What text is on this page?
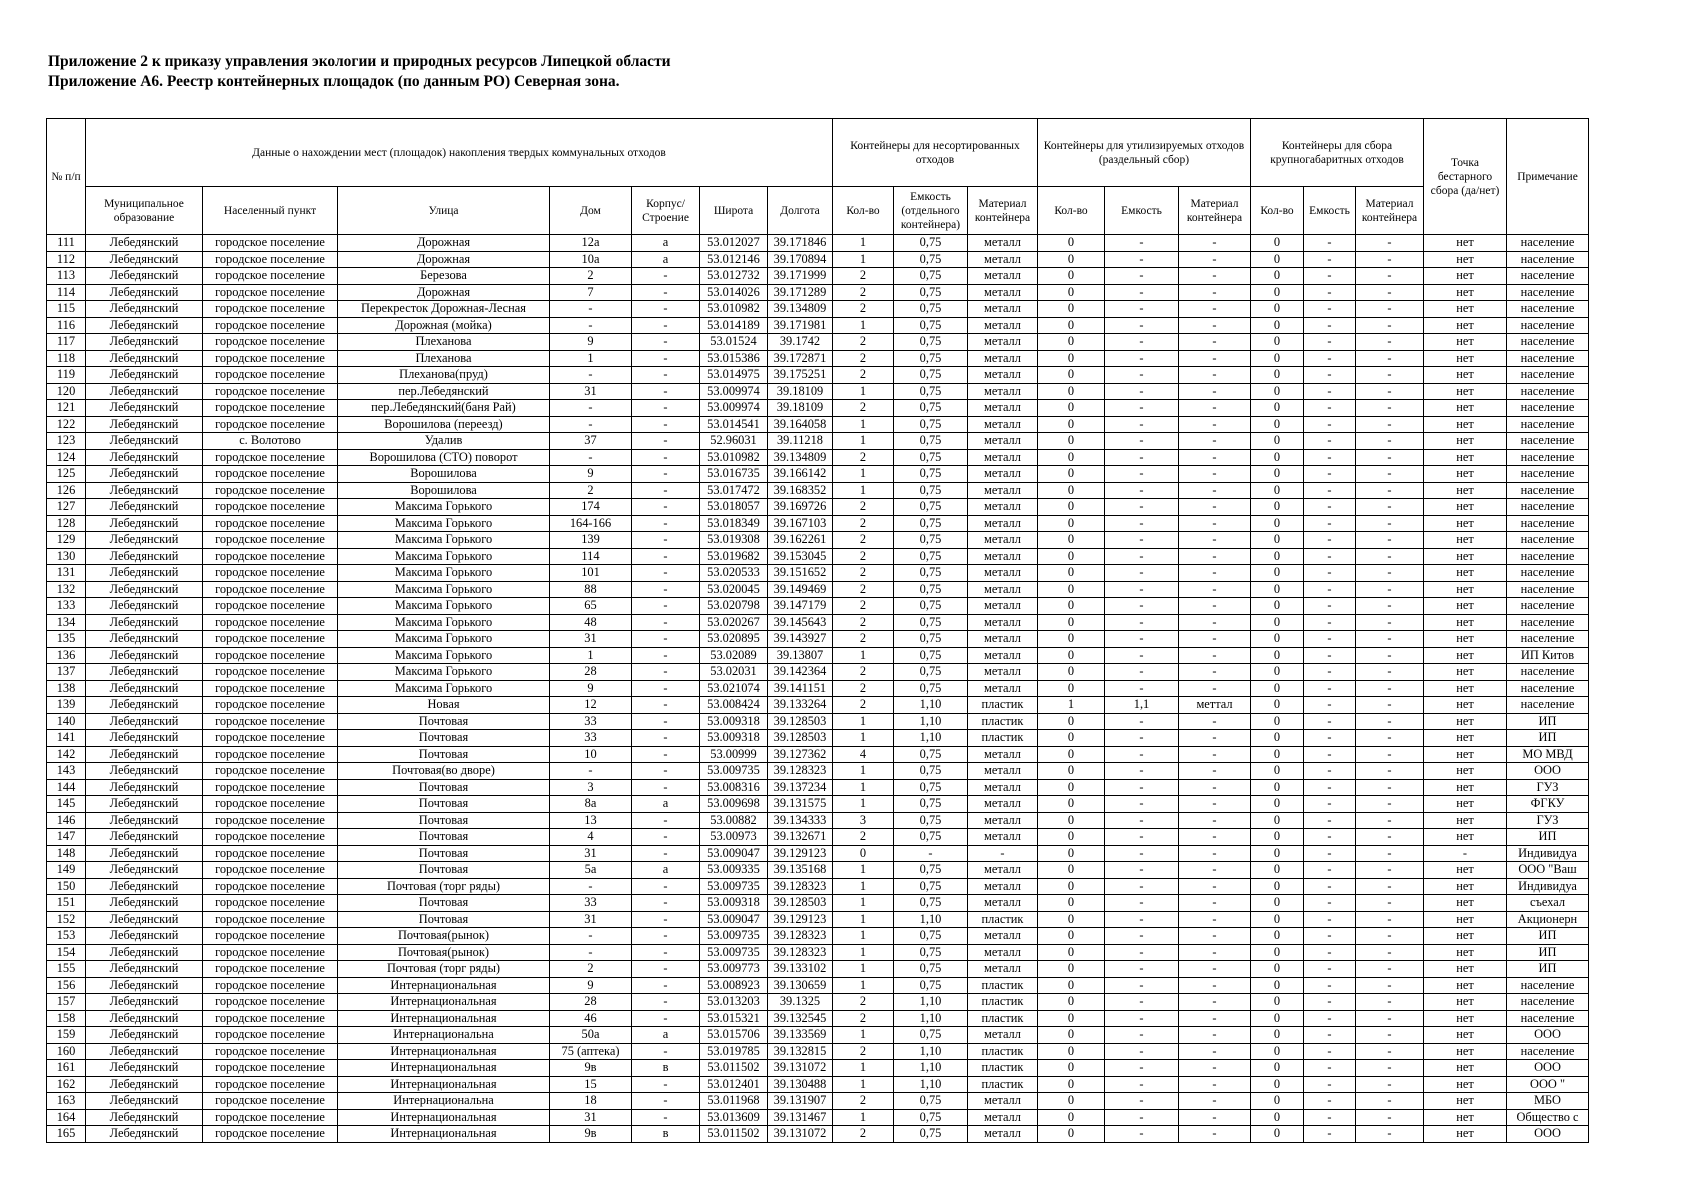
Приложение 2 к приказу управления экологии и природных ресурсов Липецкой области
Приложение А6. Реестр контейнерных площадок (по данным РО) Северная зона.
№ п/п	Данные о нахождении мест (площадок) накопления твердых коммунальных отходов							Контейнеры для несортированных отходов			Контейнеры для утилизируемых отходов (раздельный сбор)			Контейнеры для сбора крупногабаритных отходов			Точка бестарного сбора (да/нет)	Примечание
	Муниципальное образование	Населенный пункт	Улица	Дом	Корпус/ Строение	Широта	Долгота	Кол-во	Емкость (отдельного контейнера)	Материал контейнера	Кол-во	Емкость	Материал контейнера	Кол-во	Емкость	Материал контейнера		
111	Лебедянский	городское поселение	Дорожная	12а	а	53.012027	39.171846	1	0,75	металл	0	-	-	0	-	-	нет	население
112	Лебедянский	городское поселение	Дорожная	10а	а	53.012146	39.170894	1	0,75	металл	0	-	-	0	-	-	нет	население
113	Лебедянский	городское поселение	Березова	2	-	53.012732	39.171999	2	0,75	металл	0	-	-	0	-	-	нет	население
114	Лебедянский	городское поселение	Дорожная	7	-	53.014026	39.171289	2	0,75	металл	0	-	-	0	-	-	нет	население
115	Лебедянский	городское поселение	Перекресток Дорожная-Лесная	-	-	53.010982	39.134809	2	0,75	металл	0	-	-	0	-	-	нет	население
116	Лебедянский	городское поселение	Дорожная (мойка)	-	-	53.014189	39.171981	1	0,75	металл	0	-	-	0	-	-	нет	население
117	Лебедянский	городское поселение	Плеханова	9	-	53.01524	39.1742	2	0,75	металл	0	-	-	0	-	-	нет	население
118	Лебедянский	городское поселение	Плеханова	1	-	53.015386	39.172871	2	0,75	металл	0	-	-	0	-	-	нет	население
119	Лебедянский	городское поселение	Плеханова(пруд)	-	-	53.014975	39.175251	2	0,75	металл	0	-	-	0	-	-	нет	население
120	Лебедянский	городское поселение	пер.Лебедянский	31	-	53.009974	39.18109	1	0,75	металл	0	-	-	0	-	-	нет	население
121	Лебедянский	городское поселение	пер.Лебедянский(баня Рай)	-	-	53.009974	39.18109	2	0,75	металл	0	-	-	0	-	-	нет	население
122	Лебедянский	городское поселение	Ворошилова (переезд)	-	-	53.014541	39.164058	1	0,75	металл	0	-	-	0	-	-	нет	население
123	Лебедянский	с. Волотово	Удалив	37	-	52.96031	39.11218	1	0,75	металл	0	-	-	0	-	-	нет	население
124	Лебедянский	городское поселение	Ворошилова (СТО) поворот	-	-	53.010982	39.134809	2	0,75	металл	0	-	-	0	-	-	нет	население
125	Лебедянский	городское поселение	Ворошилова	9	-	53.016735	39.166142	1	0,75	металл	0	-	-	0	-	-	нет	население
126	Лебедянский	городское поселение	Ворошилова	2	-	53.017472	39.168352	1	0,75	металл	0	-	-	0	-	-	нет	население
127	Лебедянский	городское поселение	Максима Горького	174	-	53.018057	39.169726	2	0,75	металл	0	-	-	0	-	-	нет	население
128	Лебедянский	городское поселение	Максима Горького	164-166	-	53.018349	39.167103	2	0,75	металл	0	-	-	0	-	-	нет	население
129	Лебедянский	городское поселение	Максима Горького	139	-	53.019308	39.162261	2	0,75	металл	0	-	-	0	-	-	нет	население
130	Лебедянский	городское поселение	Максима Горького	114	-	53.019682	39.153045	2	0,75	металл	0	-	-	0	-	-	нет	население
131	Лебедянский	городское поселение	Максима Горького	101	-	53.020533	39.151652	2	0,75	металл	0	-	-	0	-	-	нет	население
132	Лебедянский	городское поселение	Максима Горького	88	-	53.020045	39.149469	2	0,75	металл	0	-	-	0	-	-	нет	население
133	Лебедянский	городское поселение	Максима Горького	65	-	53.020798	39.147179	2	0,75	металл	0	-	-	0	-	-	нет	население
134	Лебедянский	городское поселение	Максима Горького	48	-	53.020267	39.145643	2	0,75	металл	0	-	-	0	-	-	нет	население
135	Лебедянский	городское поселение	Максима Горького	31	-	53.020895	39.143927	2	0,75	металл	0	-	-	0	-	-	нет	население
136	Лебедянский	городское поселение	Максима Горького	1	-	53.02089	39.13807	1	0,75	металл	0	-	-	0	-	-	нет	ИП Китов
137	Лебедянский	городское поселение	Максима Горького	28	-	53.02031	39.142364	2	0,75	металл	0	-	-	0	-	-	нет	население
138	Лебедянский	городское поселение	Максима Горького	9	-	53.021074	39.141151	2	0,75	металл	0	-	-	0	-	-	нет	население
139	Лебедянский	городское поселение	Новая	12	-	53.008424	39.133264	2	1,10	пластик	1	1,1	меттал	0	-	-	нет	население
140	Лебедянский	городское поселение	Почтовая	33	-	53.009318	39.128503	1	1,10	пластик	0	-	-	0	-	-	нет	ИП
141	Лебедянский	городское поселение	Почтовая	33	-	53.009318	39.128503	1	1,10	пластик	0	-	-	0	-	-	нет	ИП
142	Лебедянский	городское поселение	Почтовая	10	-	53.00999	39.127362	4	0,75	металл	0	-	-	0	-	-	нет	МО МВД
143	Лебедянский	городское поселение	Почтовая(во дворе)	-	-	53.009735	39.128323	1	0,75	металл	0	-	-	0	-	-	нет	ООО
144	Лебедянский	городское поселение	Почтовая	3	-	53.008316	39.137234	1	0,75	металл	0	-	-	0	-	-	нет	ГУЗ
145	Лебедянский	городское поселение	Почтовая	8а	а	53.009698	39.131575	1	0,75	металл	0	-	-	0	-	-	нет	ФГКУ
146	Лебедянский	городское поселение	Почтовая	13	-	53.00882	39.134333	3	0,75	металл	0	-	-	0	-	-	нет	ГУЗ
147	Лебедянский	городское поселение	Почтовая	4	-	53.00973	39.132671	2	0,75	металл	0	-	-	0	-	-	нет	ИП
148	Лебедянский	городское поселение	Почтовая	31	-	53.009047	39.129123	0	-	-	0	-	-	0	-	-	-	Индивидуа
149	Лебедянский	городское поселение	Почтовая	5а	а	53.009335	39.135168	1	0,75	металл	0	-	-	0	-	-	нет	ООО "Ваш
150	Лебедянский	городское поселение	Почтовая (торг ряды)	-	-	53.009735	39.128323	1	0,75	металл	0	-	-	0	-	-	нет	Индивидуа
151	Лебедянский	городское поселение	Почтовая	33	-	53.009318	39.128503	1	0,75	металл	0	-	-	0	-	-	нет	съехал
152	Лебедянский	городское поселение	Почтовая	31	-	53.009047	39.129123	1	1,10	пластик	0	-	-	0	-	-	нет	Акционерн
153	Лебедянский	городское поселение	Почтовая(рынок)	-	-	53.009735	39.128323	1	0,75	металл	0	-	-	0	-	-	нет	ИП
154	Лебедянский	городское поселение	Почтовая(рынок)	-	-	53.009735	39.128323	1	0,75	металл	0	-	-	0	-	-	нет	ИП
155	Лебедянский	городское поселение	Почтовая (торг ряды)	2	-	53.009773	39.133102	1	0,75	металл	0	-	-	0	-	-	нет	ИП
156	Лебедянский	городское поселение	Интернациональная	9	-	53.008923	39.130659	1	0,75	пластик	0	-	-	0	-	-	нет	население
157	Лебедянский	городское поселение	Интернациональная	28	-	53.013203	39.1325	2	1,10	пластик	0	-	-	0	-	-	нет	население
158	Лебедянский	городское поселение	Интернациональная	46	-	53.015321	39.132545	2	1,10	пластик	0	-	-	0	-	-	нет	население
159	Лебедянский	городское поселение	Интернациональна	50а	а	53.015706	39.133569	1	0,75	металл	0	-	-	0	-	-	нет	ООО
160	Лебедянский	городское поселение	Интернациональная	75 (аптека)	-	53.019785	39.132815	2	1,10	пластик	0	-	-	0	-	-	нет	население
161	Лебедянский	городское поселение	Интернациональная	9в	в	53.011502	39.131072	1	1,10	пластик	0	-	-	0	-	-	нет	ООО
162	Лебедянский	городское поселение	Интернациональная	15	-	53.012401	39.130488	1	1,10	пластик	0	-	-	0	-	-	нет	ООО "
163	Лебедянский	городское поселение	Интернациональна	18	-	53.011968	39.131907	2	0,75	металл	0	-	-	0	-	-	нет	МБО
164	Лебедянский	городское поселение	Интернациональная	31	-	53.013609	39.131467	1	0,75	металл	0	-	-	0	-	-	нет	Общество с
165	Лебедянский	городское поселение	Интернациональная	9в	в	53.011502	39.131072	2	0,75	металл	0	-	-	0	-	-	нет	ООО
